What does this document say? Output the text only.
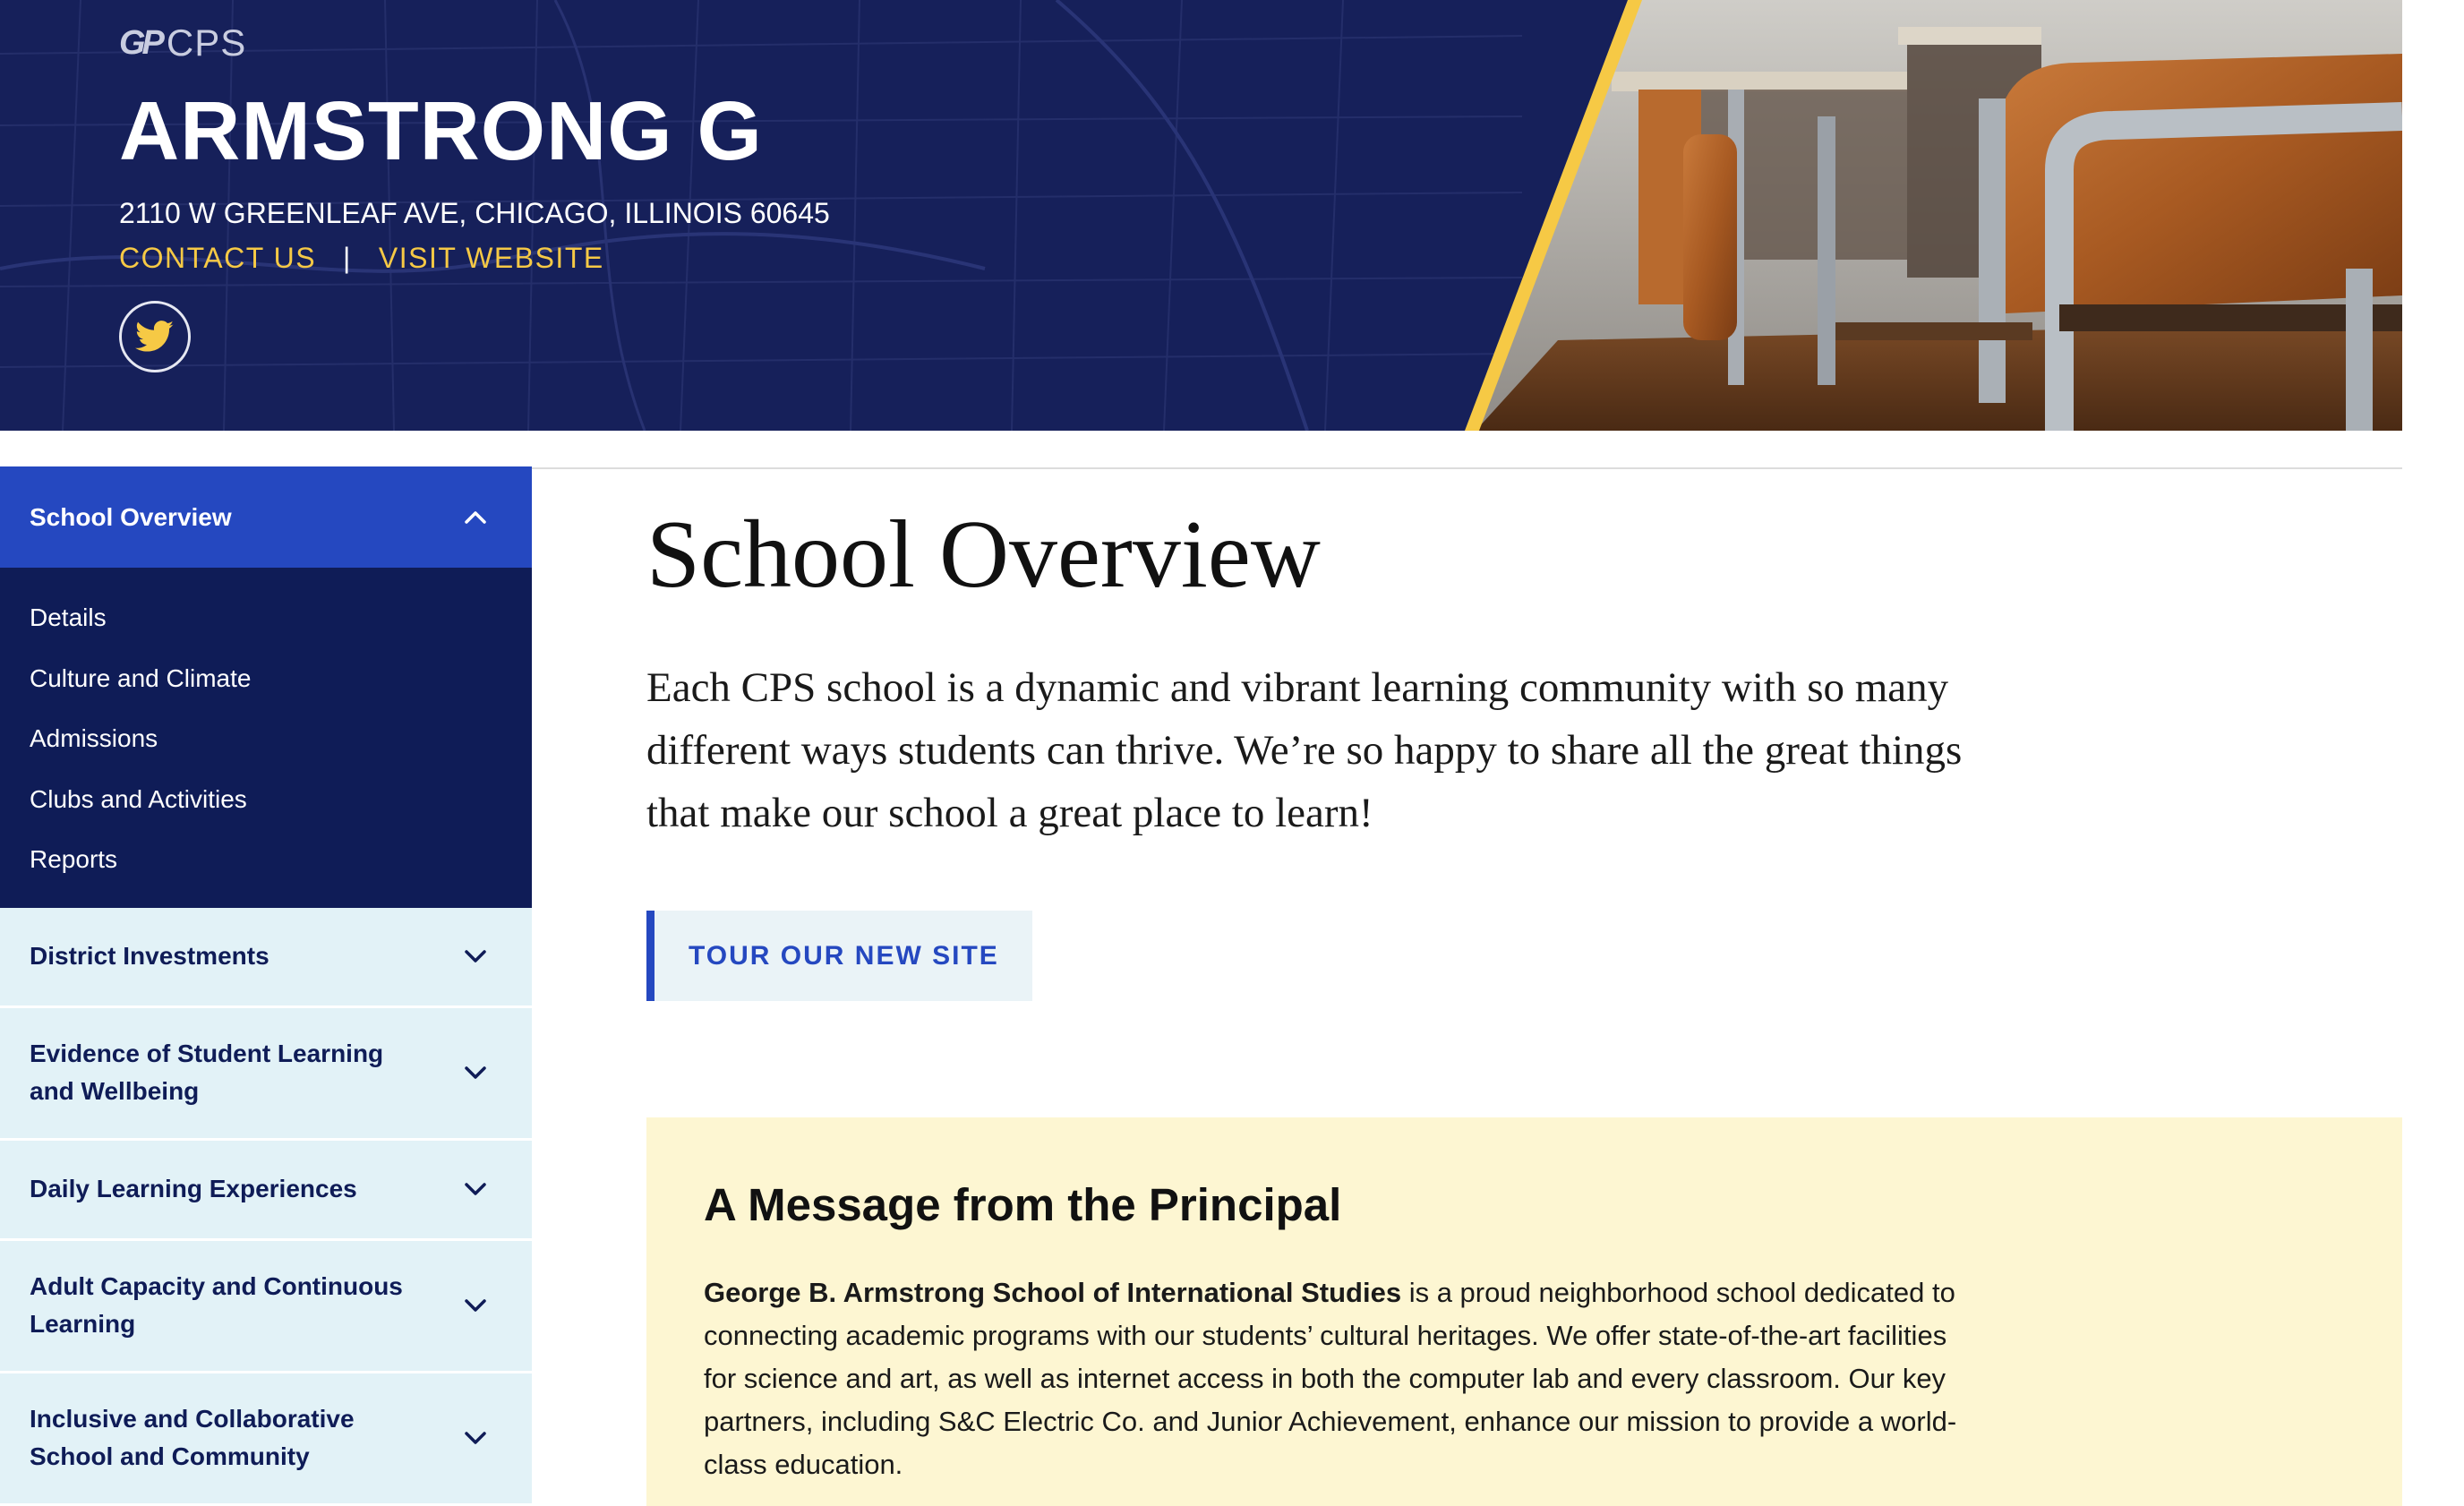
GP CPS
ARMSTRONG G
2110 W GREENLEAF AVE, CHICAGO, ILLINOIS 60645
CONTACT US | VISIT WEBSITE
School Overview
Details
Culture and Climate
Admissions
Clubs and Activities
Reports
District Investments
Evidence of Student Learning and Wellbeing
Daily Learning Experiences
Adult Capacity and Continuous Learning
Inclusive and Collaborative School and Community
School Overview

Each CPS school is a dynamic and vibrant learning community with so many different ways students can thrive. We’re so happy to share all the great things that make our school a great place to learn!

TOUR OUR NEW SITE
A Message from the Principal

George B. Armstrong School of International Studies is a proud neighborhood school dedicated to connecting academic programs with our students’ cultural heritages. We offer state-of-the-art facilities for science and art, as well as internet access in both the computer lab and every classroom. Our key partners, including S&C Electric Co. and Junior Achievement, enhance our mission to provide a world-class education.
